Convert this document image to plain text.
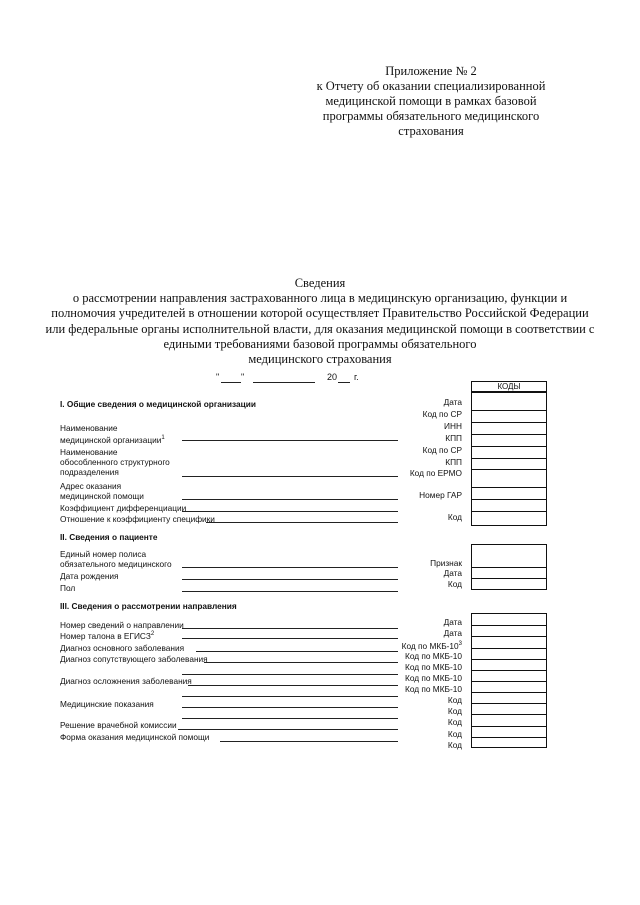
Приложение № 2
к Отчету об оказании специализированной
медицинской помощи в рамках базовой
программы обязательного медицинского
страхования
Сведения
о рассмотрении направления застрахованного лица в медицинскую организацию, функции и
полномочия учредителей в отношении которой осуществляет Правительство Российской Федерации
или федеральные органы исполнительной власти, для оказания медицинской помощи в соответствии с
едиными требованиями базовой программы обязательного
медицинского страхования
" "	20 г.
КОДЫ
I. Общие сведения о медицинской организации
Наименование
медицинской организации$^1$
Наименование
обособленного структурного
подразделения
Адрес оказания
медицинской помощи
Коэффициент дифференциации
Отношение к коэффициенту специфики
Дата
Код по СР
ИНН
КПП
Код по СР
КПП
Код по ЕРМО
Номер ГАР
Код
II. Сведения о пациенте
Единый номер полиса
обязательного медицинского
Дата рождения
Пол
Признак
Дата
Код
III. Сведения о рассмотрении направления
Номер сведений о направлении
Номер талона в ЕГИСЗ$^2$
Диагноз основного заболевания
Диагноз сопутствующего заболевания
Диагноз осложнения заболевания
Медицинские показания
Решение врачебной комиссии
Форма оказания медицинской помощи
Дата
Дата
Код по МКБ-$10^3$
Код по МКБ-10
Код по МКБ-10
Код по МКБ-10
Код по МКБ-10
Код
Код
Код
Код
Код
